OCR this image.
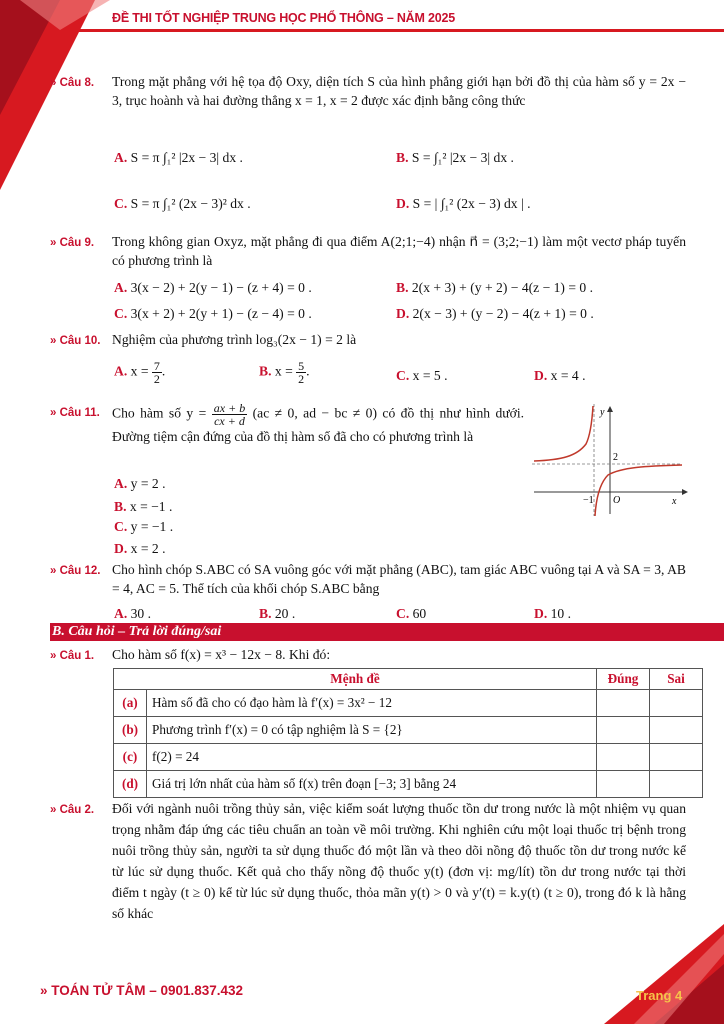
ĐỀ THI TỐT NGHIỆP TRUNG HỌC PHỔ THÔNG – NĂM 2025
» Câu 8. Trong mặt phẳng với hệ tọa độ Oxy, diện tích S của hình phẳng giới hạn bởi đồ thị của hàm số y = 2x − 3, trục hoành và hai đường thẳng x = 1, x = 2 được xác định bằng công thức
A. S = π ∫₁² |2x − 3| dx .	B. S = ∫₁² |2x − 3| dx .
C. S = π ∫₁² (2x − 3)² dx .	D. S = | ∫₁² (2x − 3) dx | .
» Câu 9. Trong không gian Oxyz, mặt phẳng đi qua điểm A(2;1;−4) nhận n⃗ = (3;2;−1) làm một vectơ pháp tuyến có phương trình là
A. 3(x − 2) + 2(y − 1) − (z + 4) = 0 .	B. 2(x + 3) + (y + 2) − 4(z − 1) = 0 .
C. 3(x + 2) + 2(y + 1) − (z − 4) = 0 .	D. 2(x − 3) + (y − 2) − 4(z + 1) = 0 .
» Câu 10. Nghiệm của phương trình log₃(2x − 1) = 2 là
A. $x = \frac{7}{2}$ .	B. $x = \frac{5}{2}$ .	C. x = 5 .	D. x = 4 .
» Câu 11. Cho hàm số $y = \frac{ax + b}{cx + d} (ac \ne 0$, ad − bc ≠ 0) có đồ thị như hình dưới. Đường tiệm cận đứng của đồ thị hàm số đã cho có phương trình là
A. y = 2 .
B. x = −1 .
C. y = −1 .
D. x = 2 .
y
x
O
2
−1
» Câu 12. Cho hình chóp S.ABC có SA vuông góc với mặt phẳng (ABC), tam giác ABC vuông tại A và SA = 3, AB = 4, AC = 5. Thể tích của khối chóp S.ABC bằng
A. 30 .	B. 20 .	C. 60	D. 10 .
B. Câu hỏi – Trả lời đúng/sai
» Câu 1. Cho hàm số f(x) = x³ − 12x − 8. Khi đó:
Mệnh đề		Đúng	Sai
(a)	Hàm số đã cho có đạo hàm là f′(x) = 3x² − 12		
(b)	Phương trình f′(x) = 0 có tập nghiệm là S = {2}		
(c)	f(2) = 24		
(d)	Giá trị lớn nhất của hàm số f(x) trên đoạn [−3; 3] bằng 24		
» Câu 2. Đối với ngành nuôi trồng thủy sản, việc kiểm soát lượng thuốc tồn dư trong nước là một nhiệm vụ quan trọng nhằm đáp ứng các tiêu chuẩn an toàn về môi trường. Khi nghiên cứu một loại thuốc trị bệnh trong nuôi trồng thủy sản, người ta sử dụng thuốc đó một lần và theo dõi nồng độ thuốc tồn dư trong nước kể từ lúc sử dụng thuốc. Kết quả cho thấy nồng độ thuốc y(t) (đơn vị: mg/lít) tồn dư trong nước tại thời điểm t ngày (t ≥ 0) kể từ lúc sử dụng thuốc, thỏa mãn y(t) > 0 và y′(t) = k.y(t) (t ≥ 0), trong đó k là hằng số khác
» TOÁN TỬ TÂM – 0901.837.432	Trang 4
